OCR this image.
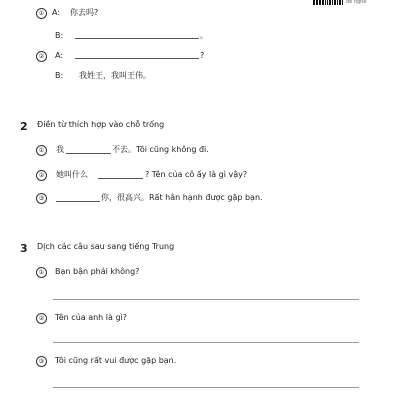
để nghe
① A: 你去吗?
B:	。
②	A:	?
B: 我姓王，我叫王伟。
2 Điền từ thích hợp vào chỗ trống
①	我	不去。Tôi cũng không đi.
②	她叫什么	? Tên của cô ấy là gì vậy?
③	你，很高兴。Rất hân hạnh được gặp bạn.
3 Dịch các câu sau sang tiếng Trung
①	Bạn bận phải không?
②	Tên của anh là gì?
③	Tôi cũng rất vui được gặp bạn.
